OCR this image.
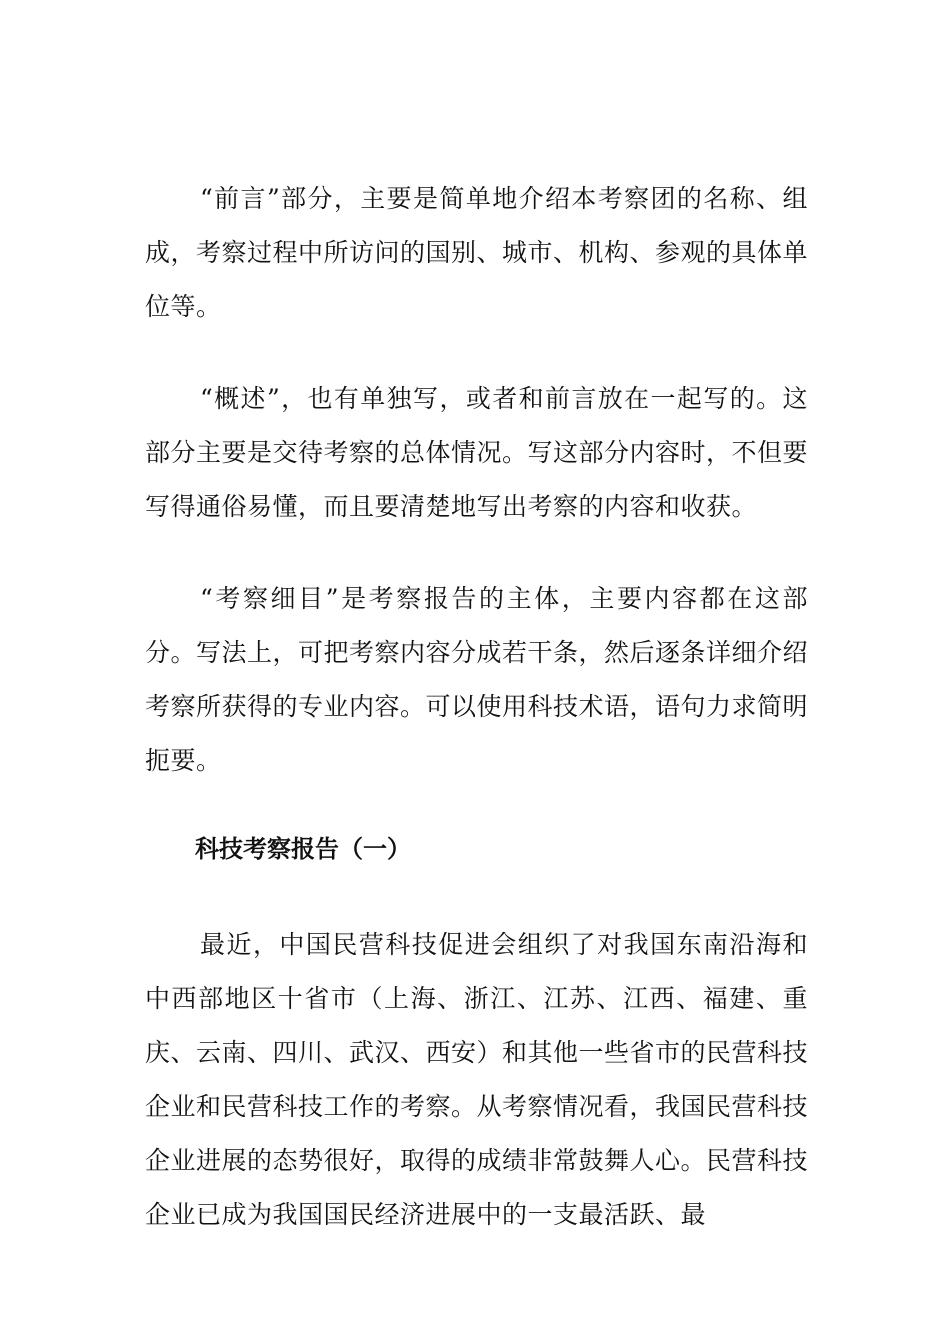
“前言”部分，主要是简单地介绍本考察团的名称、组成，考察过程中所访问的国别、城市、机构、参观的具体单位等。

“概述”，也有单独写，或者和前言放在一起写的。这部分主要是交待考察的总体情况。写这部分内容时，不但要写得通俗易懂，而且要清楚地写出考察的内容和收获。

“考察细目”是考察报告的主体，主要内容都在这部分。写法上，可把考察内容分成若干条，然后逐条详细介绍考察所获得的专业内容。可以使用科技术语，语句力求简明扼要。

科技考察报告（一）

最近，中国民营科技促进会组织了对我国东南沿海和中西部地区十省市（上海、浙江、江苏、江西、福建、重庆、云南、四川、武汉、西安）和其他一些省市的民营科技企业和民营科技工作的考察。从考察情况看，我国民营科技企业进展的态势很好，取得的成绩非常鼓舞人心。民营科技企业已成为我国国民经济进展中的一支最活跃、最
